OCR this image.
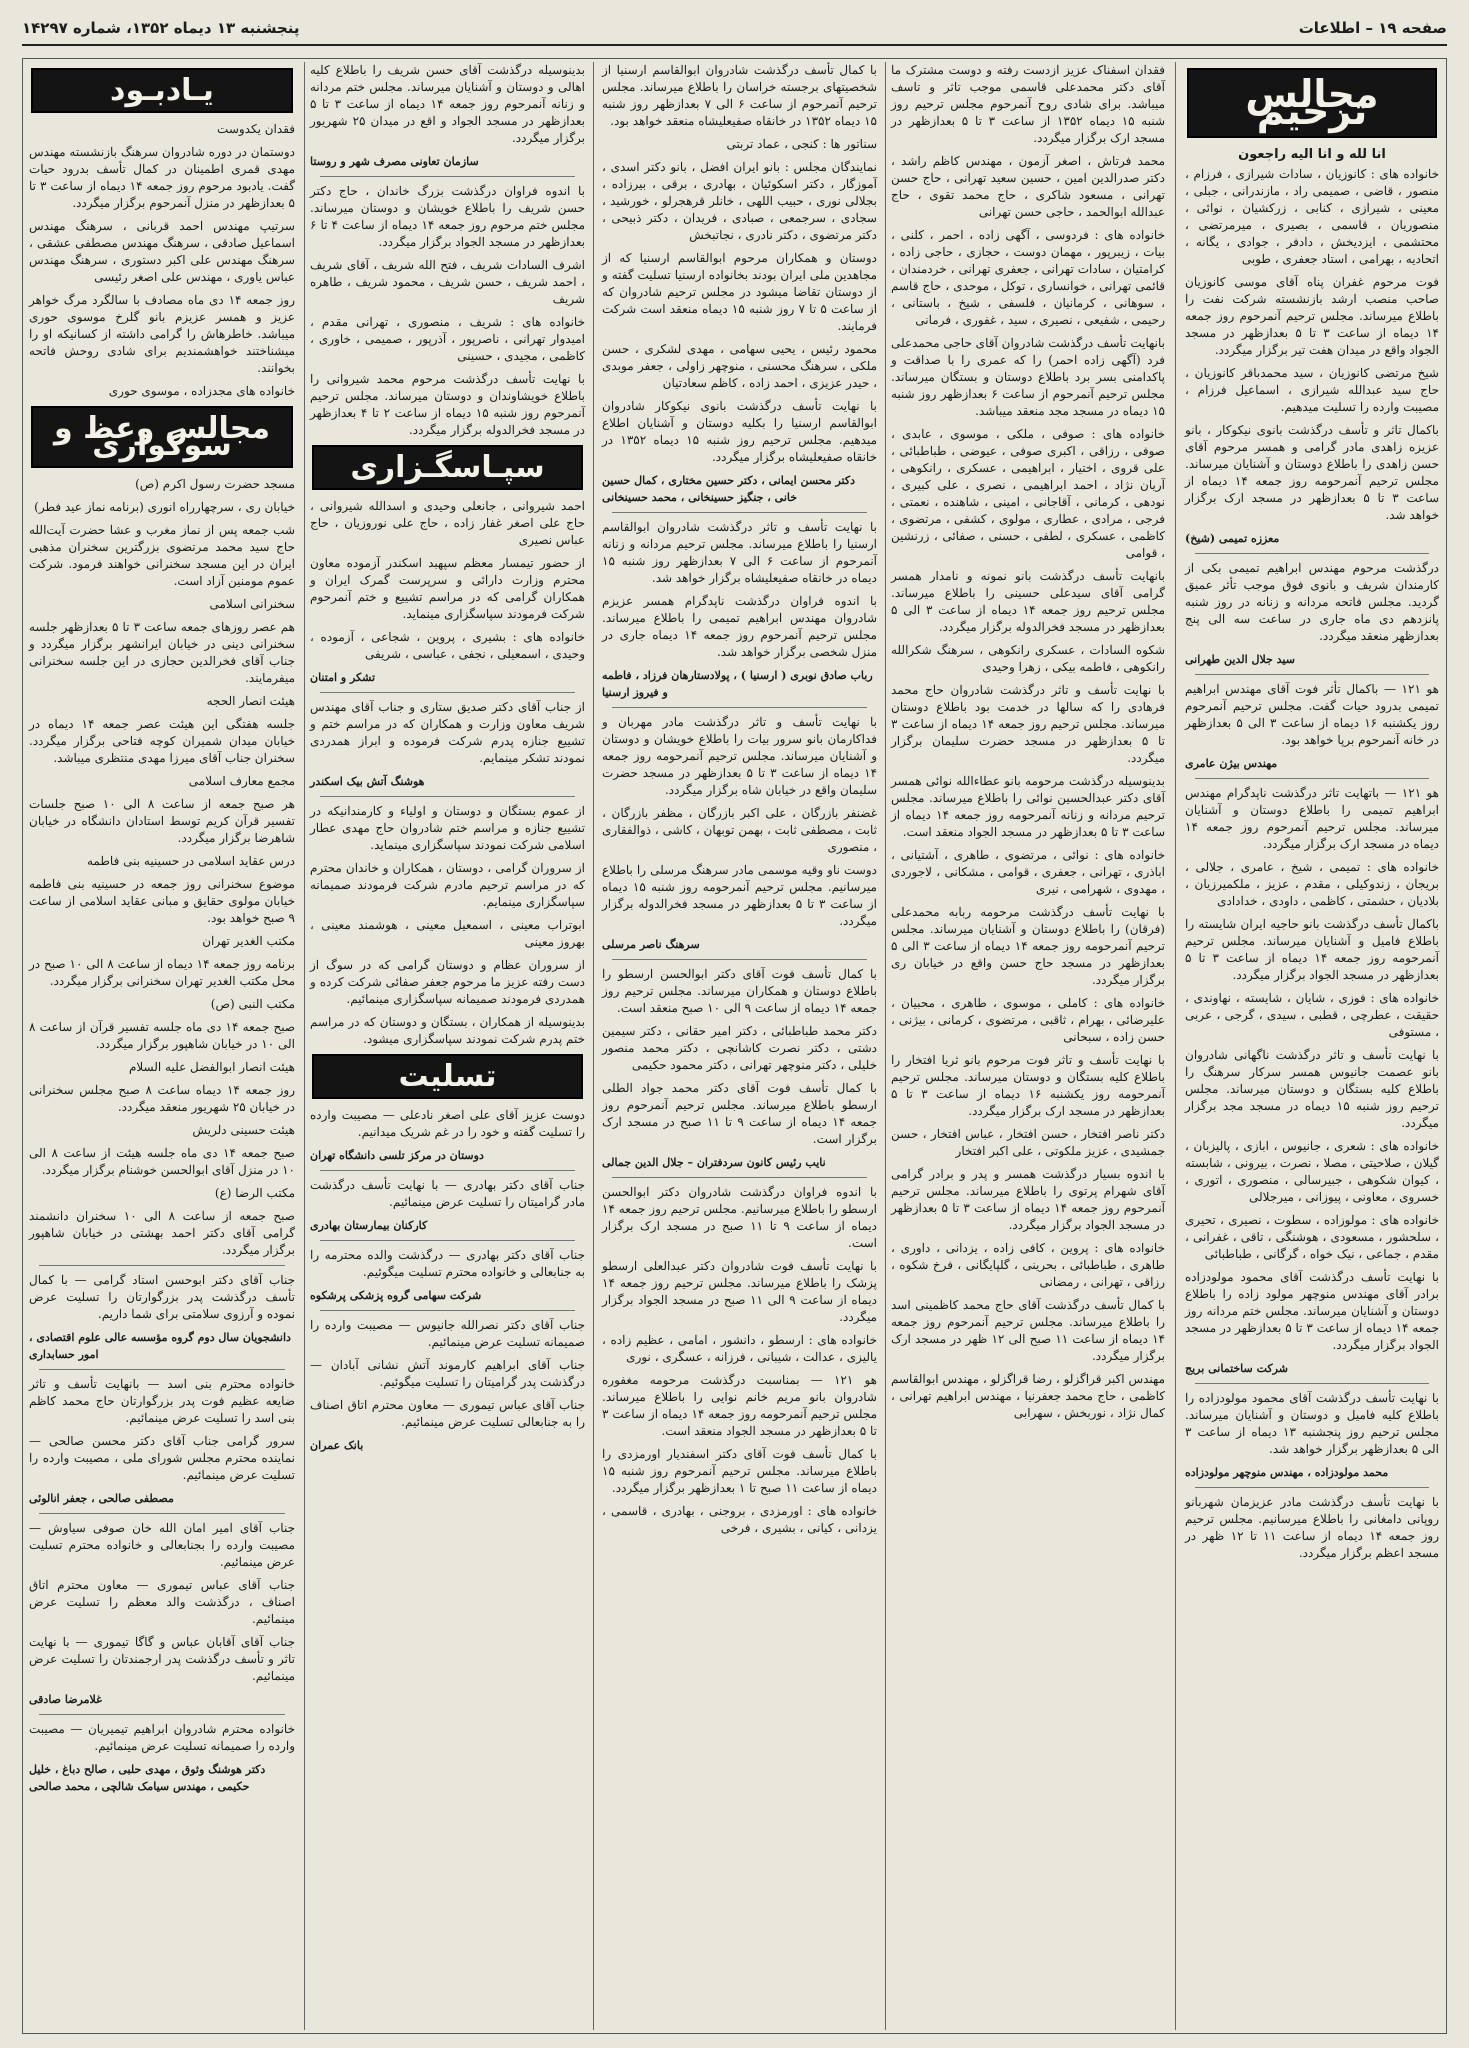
صفحه ۱۹ – اطلاعات
پنجشنبه ۱۳ دیماه ۱۳۵۲، شماره ۱۴۲۹۷
مجالس ترحیم
انا لله و انا الیه راجعون

خانواده های : کانوزیان ، سادات شیرازی ، فرزام ، منصور ، قاضی ، صمیمی راد ، مازندرانی ، جبلی ، معینی ، شیرازی ، کنابی ، زرکشیان ، نوائی ، منصوریان ، قاسمی ، بصیری ، میرمرتضی ، محتشمی ، ایزدیخش ، دادفر ، جوادی ، یگانه ، اتحادیه ، بهرامی ، استاد جعفری ، طوبی

فوت مرحوم غفران پناه آقای موسی کانوزیان صاحب منصب ارشد بازنشسته شرکت نفت را باطلاع میرساند. مجلس ترحیم آنمرحوم روز جمعه ۱۴ دیماه از ساعت ۳ تا ۵ بعدازظهر در مسجد الجواد واقع در میدان هفت تیر برگزار میگردد.

شیخ مرتضی کانوزیان ، سید محمدباقر کانوزیان ، حاج سید عبدالله شیرازی ، اسماعیل فرزام ، مصیبت وارده را تسلیت میدهیم.

باکمال تاثر و تأسف درگذشت بانوی نیکوکار ، بانو عزیزه زاهدی مادر گرامی و همسر مرحوم آقای حسن زاهدی را باطلاع دوستان و آشنایان میرساند. مجلس ترحیم آنمرحومه روز جمعه ۱۴ دیماه از ساعت ۳ تا ۵ بعدازظهر در مسجد ارک برگزار خواهد شد.

معززه تمیمی (شیخ)

درگذشت مرحوم مهندس ابراهیم تمیمی بکی از کارمندان شریف و بانوی فوق موجب تأثر عمیق گردید. مجلس فاتحه مردانه و زنانه در روز شنبه پانزدهم دی ماه جاری در ساعت سه الی پنج بعدازظهر منعقد میگردد.

سید جلال الدین طهرانی

هو ۱۲۱ — باکمال تأثر فوت آقای مهندس ابراهیم تمیمی بدرود حیات گفت. مجلس ترحیم آنمرحوم روز یکشنبه ۱۶ دیماه از ساعت ۳ الی ۵ بعدازظهر در خانه آنمرحوم برپا خواهد بود.

مهندس بیژن عامری

هو ۱۲۱ — باتهایت تاثر درگذشت ناپدگرام مهندس ابراهیم تمیمی را باطلاع دوستان و آشنایان میرساند. مجلس ترحیم آنمرحوم روز جمعه ۱۴ دیماه در مسجد ارک برگزار میگردد.

خانواده های : تمیمی ، شیخ ، عامری ، جلالی ، بریجان ، زندوکیلی ، مقدم ، عزیز ، ملکمیرزیان ، بلادیان ، حشمتی ، کاظمی ، داودی ، خدادادی

باکمال تأسف درگذشت بانو حاجیه ایران شایسته را باطلاع فامیل و آشنایان میرساند. مجلس ترحیم آنمرحومه روز جمعه ۱۴ دیماه از ساعت ۳ تا ۵ بعدازظهر در مسجد الجواد برگزار میگردد.

خانواده های : فوزی ، شایان ، شایسته ، نهاوندی ، حقیقت ، عطرچی ، قطبی ، سیدی ، گرجی ، عربی ، مستوفی

با نهایت تأسف و تاثر درگذشت ناگهانی شادروان بانو عصمت جانیوس همسر سرکار سرهنگ را باطلاع کلیه بستگان و دوستان میرساند. مجلس ترحیم روز شنبه ۱۵ دیماه در مسجد مجد برگزار میگردد.

خانواده های : شعری ، جانیوس ، ابازی ، پالیزبان ، گیلان ، صلاحیتی ، مصلا ، نصرت ، بیرونی ، شابسته ، کیوان شکوهی ، جبیرسالی ، منصوری ، اتوری ، خسروی ، معاونی ، پیوزانی ، میرجلالی

خانواده های : مولوزاده ، سطوت ، نصیری ، تحیری ، سلحشور ، مسعودی ، هوشنگی ، تاقی ، غفرانی ، مقدم ، جماعی ، نیک خواه ، گرگانی ، طباطبائی

با نهایت تأسف درگذشت آقای محمود مولودزاده برادر آقای مهندس منوچهر مولود زاده را باطلاع دوستان و آشنایان میرساند. مجلس ختم مردانه روز جمعه ۱۴ دیماه از ساعت ۳ تا ۵ بعدازظهر در مسجد الجواد برگزار میگردد.

شرکت ساختمانی بریج

با نهایت تأسف درگذشت آقای محمود مولودزاده را باطلاع کلیه فامیل و دوستان و آشنایان میرساند. مجلس ترحیم روز پنجشنبه ۱۳ دیماه از ساعت ۳ الی ۵ بعدازظهر برگزار خواهد شد.

محمد مولودزاده ، مهندس منوچهر مولودزاده

با نهایت تأسف درگذشت مادر عزیزمان شهربانو روپانی دامغانی را باطلاع میرسانیم. مجلس ترحیم روز جمعه ۱۴ دیماه از ساعت ۱۱ تا ۱۲ ظهر در مسجد اعظم برگزار میگردد.

با کمال تأسف درگذشت شادروان ابوالقاسم ارسنیا از شخصیتهای برجسته خراسان را باطلاع میرساند. مجلس ترحیم آنمرحوم از ساعت ۶ الی ۷ بعدازظهر روز شنبه ۱۵ دیماه ۱۳۵۲ در خانقاه صفیعلیشاه منعقد خواهد بود.

سناتور ها : کنجی ، عماد تربتی

نمایندگان مجلس : بانو ایران افضل ، بانو دکتر اسدی ، آموزگار ، دکتر اسکوئیان ، بهادری ، برقی ، بیرزاده ، بجلالی نوری ، حبیب اللهی ، خانلر قرهجرلو ، خورشید ، سجادی ، سرجمعی ، صبادی ، فریدان ، دکتر ذبیحی ، دکتر مرتضوی ، دکتر نادری ، نجاتبخش

دوستان و همکاران مرحوم ابوالقاسم ارسنیا که از مجاهدین ملی ایران بودند بخانواده ارسنیا تسلیت گفته و از دوستان تقاضا میشود در مجلس ترحیم شادروان که از ساعت ۵ تا ۷ روز شنبه ۱۵ دیماه منعقد است شرکت فرمایند.

محمود رئیس ، یحیی سهامی ، مهدی لشکری ، حسن ملکی ، سرهنگ محسنی ، منوچهر زاولی ، جعفر موبدی ، حیدر عزیزی ، احمد زاده ، کاظم سعادتیان

با نهایت تأسف درگذشت بانوی نیکوکار شادروان ابوالقاسم ارسنیا را بکلیه دوستان و آشنایان اطلاع میدهیم. مجلس ترحیم روز شنبه ۱۵ دیماه ۱۳۵۲ در خانقاه صفیعلیشاه برگزار میگردد.

دکتر محسن ایمانی ، دکتر حسین مختاری ، کمال حسین خانی ، جنگیز حسینخانی ، محمد حسینخانی

با نهایت تأسف و تاثر درگذشت شادروان ابوالقاسم ارسنیا را باطلاع میرساند. مجلس ترحیم مردانه و زنانه آنمرحوم از ساعت ۶ الی ۷ بعدازظهر روز شنبه ۱۵ دیماه در خانقاه صفیعلیشاه برگزار خواهد شد.

با اندوه فراوان درگذشت ناپدگرام همسر عزیزم شادروان مهندس ابراهیم تمیمی را باطلاع میرساند. مجلس ترحیم آنمرحوم روز جمعه ۱۴ دیماه جاری در منزل شخصی برگزار خواهد شد.

رباب صادق نوبری ( ارسنیا ) ، پولادستارهان فرزاد ، فاطمه و فیروز ارسنیا

با نهایت تأسف و تاثر درگذشت مادر مهربان و فداکارمان بانو سرور بیات را باطلاع خویشان و دوستان و آشنایان میرساند. مجلس ترحیم آنمرحومه روز جمعه ۱۴ دیماه از ساعت ۳ تا ۵ بعدازظهر در مسجد حضرت سلیمان واقع در خیابان شاه برگزار میگردد.

غضنفر بازرگان ، علی اکبر بازرگان ، مظفر بازرگان ، ثابت ، مصطفی ثابت ، بهمن توبهان ، کاشی ، ذوالفقاری ، منصوری

دوست ناو وقیه موسمی مادر سرهنگ مرسلی را باطلاع میرسانیم. مجلس ترحیم آنمرحومه روز شنبه ۱۵ دیماه از ساعت ۳ تا ۵ بعدازظهر در مسجد فخرالدوله برگزار میگردد.

سرهنگ ناصر مرسلی

با کمال تأسف فوت آقای دکتر ابوالحسن ارسطو را باطلاع دوستان و همکاران میرساند. مجلس ترحیم روز جمعه ۱۴ دیماه از ساعت ۹ الی ۱۰ صبح منعقد است.

دکتر محمد طباطبائی ، دکتر امیر حقانی ، دکتر سیمین دشتی ، دکتر نصرت کاشانچی ، دکتر محمد منصور خلیلی ، دکتر منوچهر تهرانی ، دکتر محمود حکیمی

با کمال تأسف فوت آقای دکتر محمد جواد الطلی ارسطو باطلاع میرساند. مجلس ترحیم آنمرحوم روز جمعه ۱۴ دیماه از ساعت ۹ تا ۱۱ صبح در مسجد ارک برگزار است.

نایب رئیس کانون سردفتران – جلال الدین جمالی

با اندوه فراوان درگذشت شادروان دکتر ابوالحسن ارسطو را باطلاع میرسانیم. مجلس ترحیم روز جمعه ۱۴ دیماه از ساعت ۹ تا ۱۱ صبح در مسجد ارک برگزار است.

با نهایت تأسف فوت شادروان دکتر عبدالعلی ارسطو پزشک را باطلاع میرساند. مجلس ترحیم روز جمعه ۱۴ دیماه از ساعت ۹ الی ۱۱ صبح در مسجد الجواد برگزار میگردد.

خانواده های : ارسطو ، دانشور ، امامی ، عظیم زاده ، یالیزی ، عدالت ، شیبانی ، فرزانه ، عسگری ، نوری

هو ۱۲۱ — بمناسبت درگذشت مرحومه مغفوره شادروان بانو مریم خانم نوایی را باطلاع میرساند. مجلس ترحیم آنمرحومه روز جمعه ۱۴ دیماه از ساعت ۳ تا ۵ بعدازظهر در مسجد الجواد منعقد است.

با کمال تأسف فوت آقای دکتر اسفندیار اورمزدی را باطلاع میرساند. مجلس ترحیم آنمرحوم روز شنبه ۱۵ دیماه از ساعت ۱۱ صبح تا ۱ بعدازظهر برگزار میگردد.

خانواده های : اورمزدی ، بروجنی ، بهادری ، قاسمی ، یزدانی ، کیانی ، بشیری ، فرخی

فقدان اسفناک عزیز ازدست رفته و دوست مشترک ما آقای دکتر محمدعلی قاسمی موجب تاثر و تاسف میباشد. برای شادی روح آنمرحوم مجلس ترحیم روز شنبه ۱۵ دیماه ۱۳۵۲ از ساعت ۳ تا ۵ بعدازظهر در مسجد ارک برگزار میگردد.

محمد فرتاش ، اصغر آزمون ، مهندس کاظم راشد ، دکتر صدرالدین امین ، حسین سعید تهرانی ، حاج حسن تهرانی ، مسعود شاکری ، حاج محمد تقوی ، حاج عبدالله ابوالحمد ، حاجی حسن تهرانی

خانواده های : فردوسی ، آگهی زاده ، احمر ، کلنی ، بیات ، زیبرپور ، مهمان دوست ، حجازی ، حاجی زاده ، کرامتیان ، سادات تهرانی ، جعفری تهرانی ، خردمندان ، قائمی تهرانی ، خوانساری ، توکل ، موحدی ، حاج قاسم ، سوهانی ، کرمانیان ، فلسفی ، شیخ ، باستانی ، رحیمی ، شفیعی ، نصیری ، سید ، غفوری ، فرمانی

بانهایت تأسف درگذشت شادروان آقای حاجی محمدعلی فرد (آگهی زاده احمر) را که عمری را با صداقت و پاکدامنی بسر برد باطلاع دوستان و بستگان میرساند. مجلس ترحیم آنمرحوم از ساعت ۶ بعدازظهر روز شنبه ۱۵ دیماه در مسجد مجد منعقد میباشد.

خانواده های : صوفی ، ملکی ، موسوی ، عابدی ، صوفی ، رزاقی ، اکبری صوفی ، عیوضی ، طباطبائی ، علی قروی ، اختیار ، ابراهیمی ، عسکری ، رانکوهی ، آریان نژاد ، احمد ابراهیمی ، نصری ، علی کبیری ، نودهی ، کرمانی ، آقاجانی ، امینی ، شاهنده ، نعمتی ، فرجی ، مرادی ، عطاری ، مولوی ، کشفی ، مرتضوی ، کاظمی ، عسکری ، لطفی ، حسنی ، صفائی ، زرنشین ، قوامی

بانهایت تأسف درگذشت بانو نمونه و نامدار همسر گرامی آقای سیدعلی حسینی را باطلاع میرساند. مجلس ترحیم روز جمعه ۱۴ دیماه از ساعت ۳ الی ۵ بعدازظهر در مسجد فخرالدوله برگزار میگردد.

شکوه السادات ، عسکری رانکوهی ، سرهنگ شکرالله رانکوهی ، فاطمه بیکی ، زهرا وحیدی

با نهایت تأسف و تاثر درگذشت شادروان حاج محمد فرهادی را که سالها در خدمت بود باطلاع دوستان میرساند. مجلس ترحیم روز جمعه ۱۴ دیماه از ساعت ۳ تا ۵ بعدازظهر در مسجد حضرت سلیمان برگزار میگردد.

بدینوسیله درگذشت مرحومه بانو عطاءالله نوائی همسر آقای دکتر عبدالحسین نوائی را باطلاع میرساند. مجلس ترحیم مردانه و زنانه آنمرحومه روز جمعه ۱۴ دیماه از ساعت ۳ تا ۵ بعدازظهر در مسجد الجواد منعقد است.

خانواده های : نوائی ، مرتضوی ، طاهری ، آشتیانی ، اباذری ، تهرانی ، جعفری ، قوامی ، مشکانی ، لاجوردی ، مهدوی ، شهرامی ، نیری

با نهایت تأسف درگذشت مرحومه ربابه محمدعلی (فرقان) را باطلاع دوستان و آشنایان میرساند. مجلس ترحیم آنمرحومه روز جمعه ۱۴ دیماه از ساعت ۳ الی ۵ بعدازظهر در مسجد حاج حسن واقع در خیابان ری برگزار میگردد.

خانواده های : کاملی ، موسوی ، طاهری ، محبیان ، علیرضائی ، بهرام ، ثاقبی ، مرتضوی ، کرمانی ، بیژنی ، حسن زاده ، سبحانی

با نهایت تأسف و تاثر فوت مرحوم بانو ثریا افتخار را باطلاع کلیه بستگان و دوستان میرساند. مجلس ترحیم آنمرحومه روز یکشنبه ۱۶ دیماه از ساعت ۳ تا ۵ بعدازظهر در مسجد ارک برگزار میگردد.

دکتر ناصر افتخار ، حسن افتخار ، عباس افتخار ، حسن جمشیدی ، عزیز ملکوتی ، علی اکبر افتخار

با اندوه بسیار درگذشت همسر و پدر و برادر گرامی آقای شهرام پرتوی را باطلاع میرساند. مجلس ترحیم آنمرحوم روز جمعه ۱۴ دیماه از ساعت ۳ تا ۵ بعدازظهر در مسجد الجواد برگزار میگردد.

خانواده های : پروین ، کافی زاده ، یزدانی ، داوری ، طاهری ، طباطبائی ، بحرینی ، گلپایگانی ، فرخ شکوه ، رزاقی ، تهرانی ، رمضانی

با کمال تأسف درگذشت آقای حاج محمد کاظمینی اسد را باطلاع میرساند. مجلس ترحیم آنمرحوم روز جمعه ۱۴ دیماه از ساعت ۱۱ صبح الی ۱۲ ظهر در مسجد ارک برگزار میگردد.

مهندس اکبر قراگزلو ، رضا قراگزلو ، مهندس ابوالقاسم کاظمی ، حاج محمد جعفرنیا ، مهندس ابراهیم تهرانی ، کمال نژاد ، نوربخش ، سهرابی

بدینوسیله درگذشت آقای حسن شریف را باطلاع کلیه اهالی و دوستان و آشنایان میرساند. مجلس ختم مردانه و زنانه آنمرحوم روز جمعه ۱۴ دیماه از ساعت ۳ تا ۵ بعدازظهر در مسجد الجواد و اقع در میدان ۲۵ شهریور برگزار میگردد.

سازمان تعاونی مصرف شهر و روستا

با اندوه فراوان درگذشت بزرگ خاندان ، حاج دکتر حسن شریف را باطلاع خویشان و دوستان میرساند. مجلس ختم مرحوم روز جمعه ۱۴ دیماه از ساعت ۴ تا ۶ بعدازظهر در مسجد الجواد برگزار میگردد.

اشرف السادات شریف ، فتح الله شریف ، آقای شریف ، احمد شریف ، حسن شریف ، محمود شریف ، طاهره شریف

خانواده های : شریف ، منصوری ، تهرانی مقدم ، امیدوار تهرانی ، ناصرپور ، آذرپور ، صمیمی ، خاوری ، کاظمی ، مجیدی ، حسینی

با نهایت تأسف درگذشت مرحوم محمد شیروانی را باطلاع خویشاوندان و دوستان میرساند. مجلس ترحیم آنمرحوم روز شنبه ۱۵ دیماه از ساعت ۲ تا ۴ بعدازظهر در مسجد فخرالدوله برگزار میگردد.

سپـاسگـزاری

احمد شیروانی ، جانعلی وحیدی و اسدالله شیروانی ، حاج علی اصغر غفار زاده ، حاج علی نوروزیان ، حاج عباس نصیری

از حضور تیمسار معظم سپهبد اسکندر آزموده معاون محترم وزارت دارائی و سرپرست گمرک ایران و همکاران گرامی که در مراسم تشییع و ختم آنمرحوم شرکت فرمودند سپاسگزاری مینماید.

خانواده های : بشیری ، پروین ، شجاعی ، آزموده ، وحیدی ، اسمعیلی ، نجفی ، عباسی ، شریفی

تشکر و امتنان

از جناب آقای دکتر صدیق ستاری و جناب آقای مهندس شریف معاون وزارت و همکاران که در مراسم ختم و تشییع جنازه پدرم شرکت فرموده و ابراز همدردی نمودند تشکر مینمایم.

هوشنگ آتش بیک اسکندر

از عموم بستگان و دوستان و اولیاء و کارمندانیکه در تشییع جنازه و مراسم ختم شادروان حاج مهدی عطار اسلامی شرکت نمودند سپاسگزاری مینماید.

از سروران گرامی ، دوستان ، همکاران و خاندان محترم که در مراسم ترحیم مادرم شرکت فرمودند صمیمانه سپاسگزاری مینمایم.

ابوتراب معینی ، اسمعیل معینی ، هوشمند معینی ، بهروز معینی

از سروران عظام و دوستان گرامی که در سوگ از دست رفته عزیز ما مرحوم جعفر صفائی شرکت کرده و همدردی فرمودند صمیمانه سپاسگزاری مینمائیم.

بدینوسیله از همکاران ، بستگان و دوستان که در مراسم ختم پدرم شرکت نمودند سپاسگزاری میشود.

تسلیت

دوست عزیز آقای علی اصغر نادعلی — مصیبت وارده را تسلیت گفته و خود را در غم شریک میدانیم.

دوستان در مرکز تلسی دانشگاه تهران

جناب آقای دکتر بهادری — با نهایت تأسف درگذشت مادر گرامیتان را تسلیت عرض مینمائیم.

کارکنان بیمارستان بهادری

جناب آقای دکتر بهادری — درگذشت والده محترمه را به جنابعالی و خانواده محترم تسلیت میگوئیم.

شرکت سهامی گروه پزشکی پرشکوه

جناب آقای دکتر نصرالله جانیوس — مصیبت وارده را صمیمانه تسلیت عرض مینمائیم.

جناب آقای ابراهیم کارموند آتش نشانی آبادان — درگذشت پدر گرامیتان را تسلیت میگوئیم.

جناب آقای عباس تیموری — معاون محترم اتاق اصناف را به جنابعالی تسلیت عرض مینمائیم.

بانک عمران

یـادبـود

فقدان یکدوست

دوستمان در دوره شادروان سرهنگ بازنشسته مهندس مهدی قمری اطمینان در کمال تأسف بدرود حیات گفت. یادبود مرحوم روز جمعه ۱۴ دیماه از ساعت ۳ تا ۵ بعدازظهر در منزل آنمرحوم برگزار میگردد.

سرتیپ مهندس احمد قربانی ، سرهنگ مهندس اسماعیل صادقی ، سرهنگ مهندس مصطفی عشقی ، سرهنگ مهندس علی اکبر دستوری ، سرهنگ مهندس عباس یاوری ، مهندس علی اصغر رئیسی

روز جمعه ۱۴ دی ماه مصادف با سالگرد مرگ خواهر عزیز و همسر عزیزم بانو گلرخ موسوی حوری میباشد. خاطرهاش را گرامی داشته از کسانیکه او را میشناختند خواهشمندیم برای شادی روحش فاتحه بخوانند.

خانواده های مجدزاده ، موسوی حوری

مجالس وعظ و سوگواری

مسجد حضرت رسول اکرم (ص)

خیابان ری ، سرچهارراه انوری (برنامه نماز عید فطر)

شب جمعه پس از نماز مغرب و عشا حضرت آیت‌الله حاج سید محمد مرتضوی بزرگترین سخنران مذهبی ایران در این مسجد سخنرانی خواهند فرمود. شرکت عموم مومنین آزاد است.

سخنرانی اسلامی

هم عصر روزهای جمعه ساعت ۳ تا ۵ بعدازظهر جلسه سخنرانی دینی در خیابان ایرانشهر برگزار میگردد و جناب آقای فخرالدین حجازی در این جلسه سخنرانی میفرمایند.

هیئت انصار الحجه

جلسه هفتگی این هیئت عصر جمعه ۱۴ دیماه در خیابان میدان شمیران کوچه فتاحی برگزار میگردد. سخنران جناب آقای میرزا مهدی منتظری میباشد.

مجمع معارف اسلامی

هر صبح جمعه از ساعت ۸ الی ۱۰ صبح جلسات تفسیر قرآن کریم توسط استادان دانشگاه در خیابان شاهرضا برگزار میگردد.

درس عقاید اسلامی در حسینیه بنی فاطمه

موضوع سخنرانی روز جمعه در حسینیه بنی فاطمه خیابان مولوی حقایق و مبانی عقاید اسلامی از ساعت ۹ صبح خواهد بود.

مکتب الغدیر تهران

برنامه روز جمعه ۱۴ دیماه از ساعت ۸ الی ۱۰ صبح در محل مکتب الغدیر تهران سخنرانی برگزار میگردد.

مکتب النبی (ص)

صبح جمعه ۱۴ دی ماه جلسه تفسیر قرآن از ساعت ۸ الی ۱۰ در خیابان شاهپور برگزار میگردد.

هیئت انصار ابوالفضل علیه السلام

روز جمعه ۱۴ دیماه ساعت ۸ صبح مجلس سخنرانی در خیابان ۲۵ شهریور منعقد میگردد.

هیئت حسینی دلریش

صبح جمعه ۱۴ دی ماه جلسه هیئت از ساعت ۸ الی ۱۰ در منزل آقای ابوالحسن خوشنام برگزار میگردد.

مکتب الرضا (ع)

صبح جمعه از ساعت ۸ الی ۱۰ سخنران دانشمند گرامی آقای دکتر احمد بهشتی در خیابان شاهپور برگزار میگردد.

جناب آقای دکتر ابوحسن استاد گرامی — با کمال تأسف درگذشت پدر بزرگوارتان را تسلیت عرض نموده و آرزوی سلامتی برای شما داریم.

دانشجویان سال دوم گروه مؤسسه عالی علوم اقتصادی ، امور حسابداری

خانواده محترم بنی اسد — بانهایت تأسف و تاثر ضایعه عظیم فوت پدر بزرگوارتان حاج محمد کاظم بنی اسد را تسلیت عرض مینمائیم.

سرور گرامی جناب آقای دکتر محسن صالحی — نماینده محترم مجلس شورای ملی ، مصیبت وارده را تسلیت عرض مینمائیم.

مصطفی صالحی ، جعفر انالوئی

جناب آقای امیر امان الله خان صوفی سیاوش — مصیبت وارده را بجنابعالی و خانواده محترم تسلیت عرض مینمائیم.

جناب آقای عباس تیموری — معاون محترم اتاق اصناف ، درگذشت والد معظم را تسلیت عرض مینمائیم.

جناب آقای آقابان عباس و گاگا تیموری — با نهایت تاثر و تأسف درگذشت پدر ارجمندتان را تسلیت عرض مینمائیم.

غلامرضا صادقی

خانواده محترم شادروان ابراهیم تیمیریان — مصیبت وارده را صمیمانه تسلیت عرض مینمائیم.

دکتر هوشنگ وثوق ، مهدی حلبی ، صالح دباغ ، خلیل حکیمی ، مهندس سیامک شالچی ، محمد صالحی
